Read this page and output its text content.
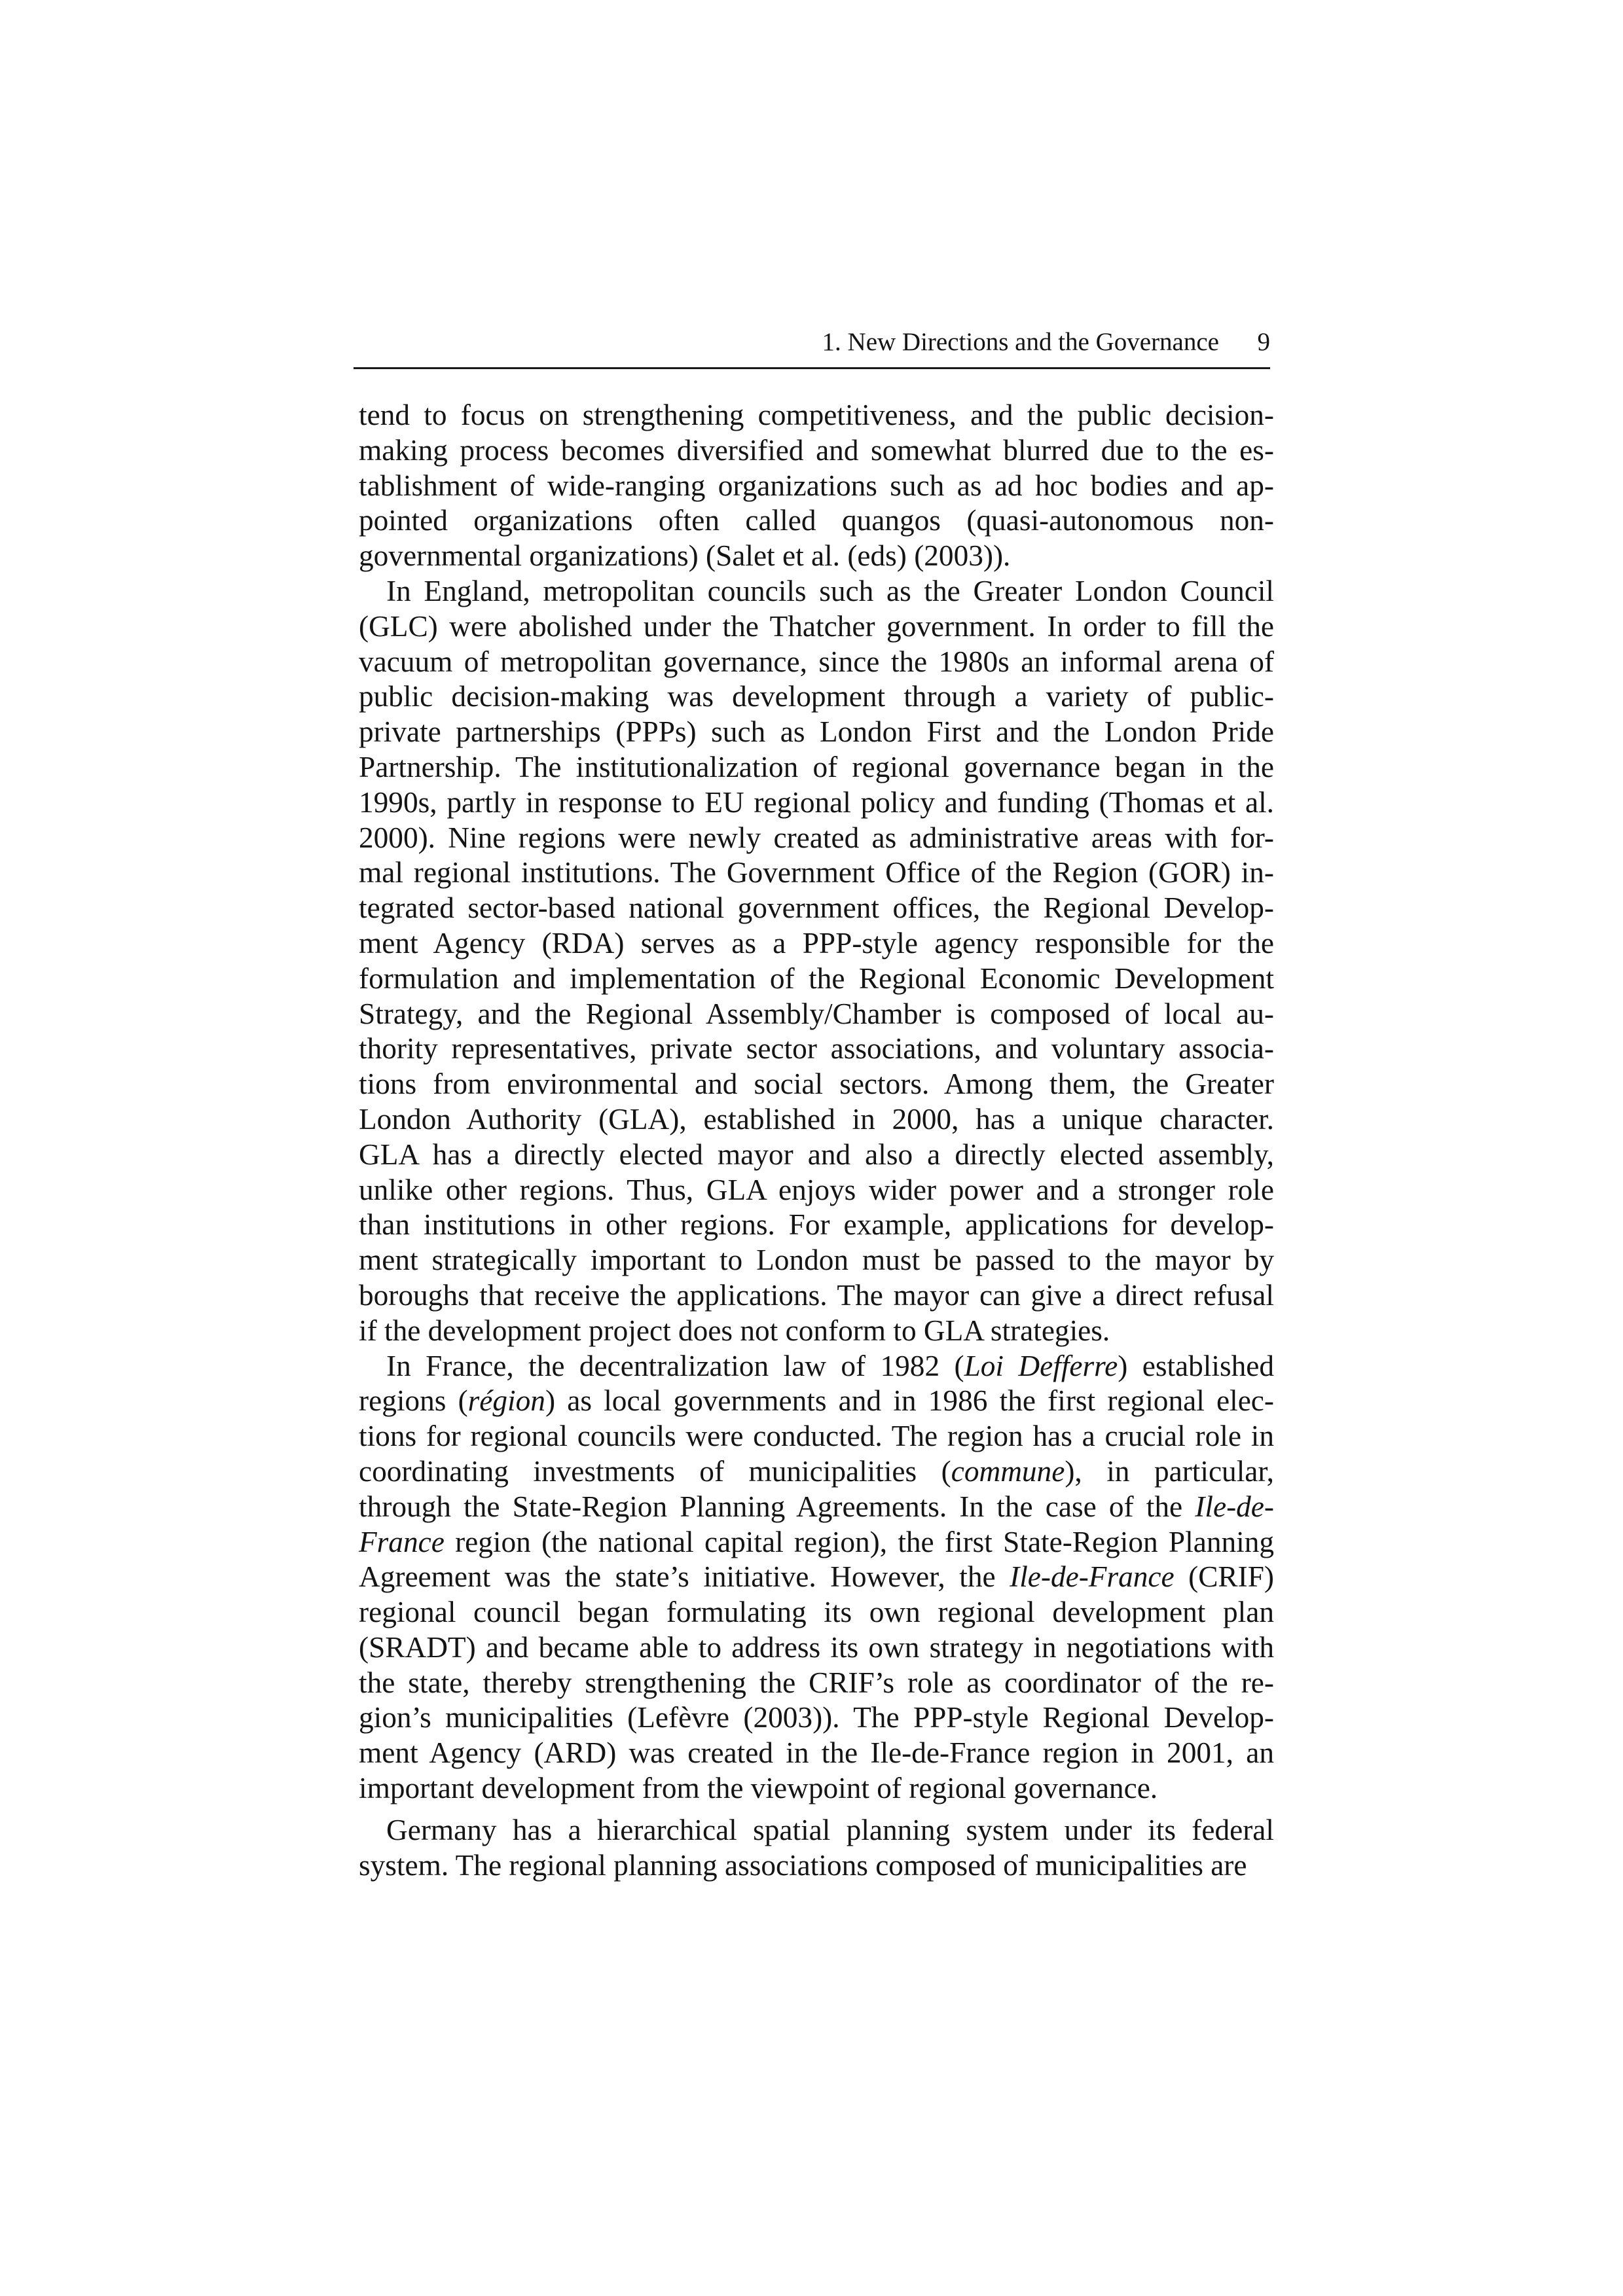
1. New Directions and the Governance 9
tend to focus on strengthening competitiveness, and the public decision-
making process becomes diversified and somewhat blurred due to the es-
tablishment of wide-ranging organizations such as ad hoc bodies and ap-
pointed organizations often called quangos (quasi-autonomous non-
governmental organizations) (Salet et al. (eds) (2003)).
In England, metropolitan councils such as the Greater London Council
(GLC) were abolished under the Thatcher government. In order to fill the
vacuum of metropolitan governance, since the 1980s an informal arena of
public decision-making was development through a variety of public-
private partnerships (PPPs) such as London First and the London Pride
Partnership. The institutionalization of regional governance began in the
1990s, partly in response to EU regional policy and funding (Thomas et al.
2000). Nine regions were newly created as administrative areas with for-
mal regional institutions. The Government Office of the Region (GOR) in-
tegrated sector-based national government offices, the Regional Develop-
ment Agency (RDA) serves as a PPP-style agency responsible for the
formulation and implementation of the Regional Economic Development
Strategy, and the Regional Assembly/Chamber is composed of local au-
thority representatives, private sector associations, and voluntary associa-
tions from environmental and social sectors. Among them, the Greater
London Authority (GLA), established in 2000, has a unique character.
GLA has a directly elected mayor and also a directly elected assembly,
unlike other regions. Thus, GLA enjoys wider power and a stronger role
than institutions in other regions. For example, applications for develop-
ment strategically important to London must be passed to the mayor by
boroughs that receive the applications. The mayor can give a direct refusal
if the development project does not conform to GLA strategies.
In France, the decentralization law of 1982 (Loi Defferre) established
regions (région) as local governments and in 1986 the first regional elec-
tions for regional councils were conducted. The region has a crucial role in
coordinating investments of municipalities (commune), in particular,
through the State-Region Planning Agreements. In the case of the Ile-de-
France region (the national capital region), the first State-Region Planning
Agreement was the state’s initiative. However, the Ile-de-France (CRIF)
regional council began formulating its own regional development plan
(SRADT) and became able to address its own strategy in negotiations with
the state, thereby strengthening the CRIF’s role as coordinator of the re-
gion’s municipalities (Lefèvre (2003)). The PPP-style Regional Develop-
ment Agency (ARD) was created in the Ile-de-France region in 2001, an
important development from the viewpoint of regional governance.
Germany has a hierarchical spatial planning system under its federal
system. The regional planning associations composed of municipalities are
